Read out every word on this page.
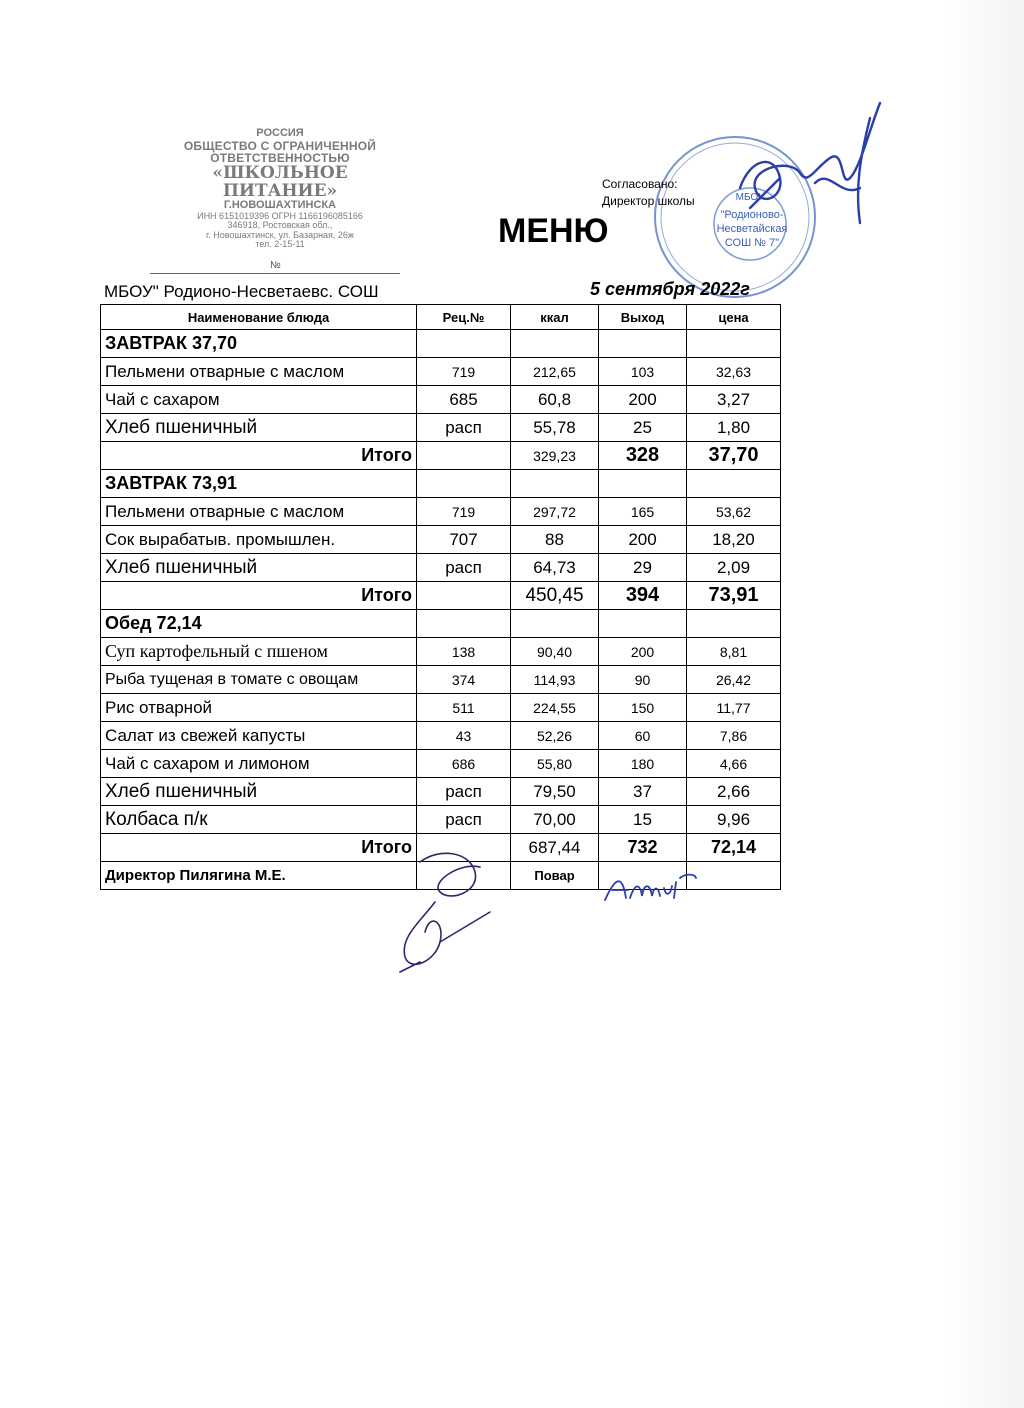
РОССИЯ
ОБЩЕСТВО С ОГРАНИЧЕННОЙ
ОТВЕТСТВЕННОСТЬЮ
«ШКОЛЬНОЕ ПИТАНИЕ»
Г.НОВОШАХТИНСКА
ИНН 6151019396 ОГРН 1166196085166
346918, Ростовская обл.,
г. Новошахтинск, ул. Базарная, 26ж
тел. 2-15-11
№
МБОУ
"Родионово-
Несветайская
СОШ № 7"
Согласовано:
Директор школы
МЕНЮ
МБОУ" Родионо-Несветаевс. СОШ	5 сентября 2022г
Наименование блюда	Рец.№	ккал	Выход	цена
ЗАВТРАК 37,70				
Пельмени отварные с маслом	719	212,65	103	32,63
Чай с сахаром	685	60,8	200	3,27
Хлеб пшеничный	расп	55,78	25	1,80
Итого		329,23	328	37,70
ЗАВТРАК 73,91				
Пельмени отварные с маслом	719	297,72	165	53,62
Сок вырабатыв. промышлен.	707	88	200	18,20
Хлеб пшеничный	расп	64,73	29	2,09
Итого		450,45	394	73,91
Обед 72,14				
Суп картофельный с пшеном	138	90,40	200	8,81
Рыба тущеная в томате с овощам	374	114,93	90	26,42
Рис отварной	511	224,55	150	11,77
Салат из свежей капусты	43	52,26	60	7,86
Чай с сахаром и лимоном	686	55,80	180	4,66
Хлеб пшеничный	расп	79,50	37	2,66
Колбаса п/к	расп	70,00	15	9,96
Итого		687,44	732	72,14
Директор Пилягина М.Е.		Повар		
